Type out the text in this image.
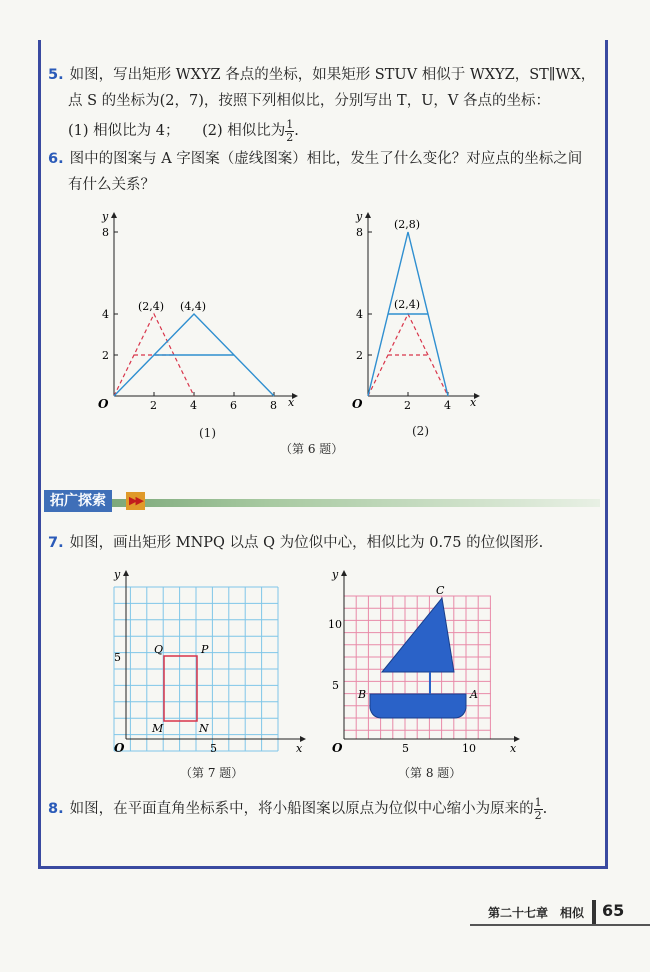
5. 如图，写出矩形 WXYZ 各点的坐标，如果矩形 STUV 相似于 WXYZ，ST∥WX，
点 S 的坐标为(2，7)，按照下列相似比，分别写出 T，U，V 各点的坐标：
(1) 相似比为 4； (2) 相似比为 $\frac{1}{2}$ .
6. 图中的图案与 A 字图案（虚线图案）相比，发生了什么变化？对应点的坐标之间
有什么关系？
O	2	4	6	8 x
2
4
8
y
(2,4) (4,4)
(1)
O	2	4 x
2
4
8
y
(2,8)
(2,4)
(2)
（第 6 题）
拓广探索	▶▶
7. 如图，画出矩形 MNPQ 以点 Q 为位似中心，相似比为 0.75 的位似图形.
O	5	x
5
y
Q	P
M	N
（第 7 题）
O	5	10	x
5
10
y
B	A
C
（第 8 题）
8. 如图，在平面直角坐标系中，将小船图案以原点为位似中心缩小为原来的 $\frac{1}{2}$ .
第二十七章　相似 65
